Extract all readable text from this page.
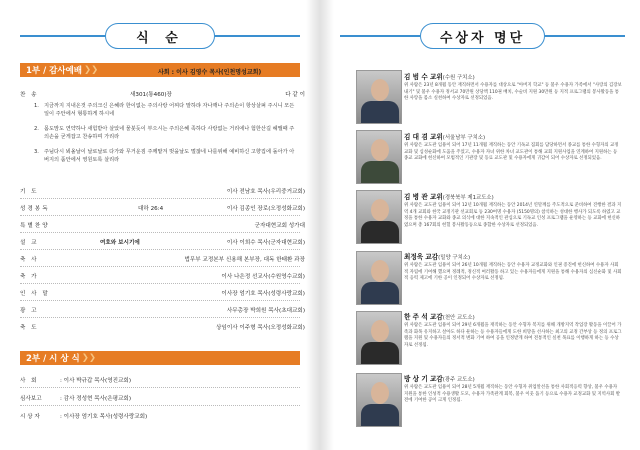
식 순
1부 / 감사예배 ❯❯	사회 : 이사 김영수 목사(인천명성교회)
찬 송	새301(통460)장	다 같 이
1. 지금까지 지내온것 주의크신 은혜라 한이없는 주의사랑 어찌다 말하랴 자나깨나 주의손이 항상살펴 주시니 모든일이 주안에서 형통하게 하시네
2. 몸도맘도 연약하나 새힘받아 살았네 물붓듯이 부으시는 주의은혜 족하다 사랑없는 거리에나 험한산길 헤맬때 주의손을 굳게잡고 찬송하며 가리라
3. 주님다시 뵈올날이 날로날로 다가와 무거운짐 주께맡겨 벗을날도 멀잖네 나를위해 예비하신 고향집에 돌아가 아버지의 품안에서 영원토록 살리라
기 도	이사 전남호 목사(우리중거교회)
성경봉독	대하 26:4	이사 김종인 장로(오정성화교회)
특별찬양	군자대현교회 성가대
설 교	여호와 보시기에	이사 이희수 목사(군자대현교회)
축 사	법무부 교정본부 신용해 본부장, 대독 한태환 과장
축 가	이사 나은정 선교사(수원영수교회)
인 사 말	이사장 엄기호 목사(성령사랑교회)
광 고	사무총장 박희원 목사(초대교회)
축 도	상임이사 이주형 목사(오정성화교회)
2부 / 시 상 식 ❯❯
사 회	: 이사 박규갑 목사(영진교회)
심사보고	: 감사 정성현 목사(은평교회)
시 상 자	: 이사장 엄기호 목사(성령사랑교회)
수상자 명단
김 범 수 교위(수원 구치소)
위 사람은 23년 8개월 동안 재직하면서 수용자를 대상으로 "아버지 학교" 등 불우 수용자 가족에서 "사랑의 김장보내기" 및 불우 수용자 정서교 70만원 상당액 110권 배치, 수술비 지원 30만원 등 지적 프로그램의 봉사활동을 통한 사랑을 몸소 실천하여 수상자로 선정되었음.
김 대 겸 교위(서울남부 구치소)
위 사람은 교도관 임용이 되어 17년 11개월 재직하는 동안 기독교 집회를 담당하면서 종교를 통한 수형자의 교정교화 및 심성순화에 도움을 주었고, 수용자 자녀 위한 차녀 교도관이 통해 교회 지원사업을 연계하여 지원하는 등 종교 교화에 헌신하여 모범적인 기관장 및 동료 교도관 및 수용자에게 귀감이 되어 수상자로 선정되었음.
김 병 관 교위(경북북부 제1교도소)
위 사람은 교도관 임용이 되어 12년 10개월 재직하는 동안 2014년 연말께를 주도적으로 준비하여 진행한 결과 지역 4개 교회와 한국 교정기관 선교회로 등 230여명 수용자 (5150명의) 참석하는 성대한 행사가 되도록 하였고 교정을 통한 수용자 교화와 종교 의식에 대한 지속적인 관심으로 기독교 인성 프로그램을 운영하는 등 교화에 헌신하였으며 총 167회의 헌혈 봉사활동등으로 종합한 수상자로 선정되었음.
최정욱 교감(밀양 구치소)
위 사람은 교도관 임용이 되어 26년 10개월 재직하는 동안 수용자 교정교화와 인권 증진에 헌신하여 수용자 사회적 자립에 기여해 했으며 정례적, 정신적 여러활동 하고 있는 수용자들에게 지원을 통해 수용자의 심신순화 및 사회적 응력 제고에 기한 공이 인정되어 수상자로 선정됨.
한 주 석 교감(천안 교도소)
위 사람은 교도관 임용이 되어 29년 6개월을 재직하는 동안 수형자 복지를 위해 개방지역 작업장 활동을 이끌어 가족과 화목 유지하고 살아도 하다 둔하는 등 수용자들에게 도한 희망을 선사하는 최고의 교정 간부상 등 정의 프로그램을 지원 및 수용자들의 정서적 변화 기여 하여 공을 인정받게 하여 전통적인 실천 목표를 이행하게 하는 등 수상자로 선정됨.
방 상 기 교감(광주 교도소)
위 사람은 교도관 임용이 되어 28년 5개월 재직하는 동안 수형자 취업알선을 통한 사회적응력 향상, 불우 수용자 지원을 통한 인성적 수용생활 도모, 수용자 가족관계 회복, 불우 이웃 돕기 등으로 수용자 교정교화 및 지역사회 발전에 기여한 공이 크게 인정됨.
